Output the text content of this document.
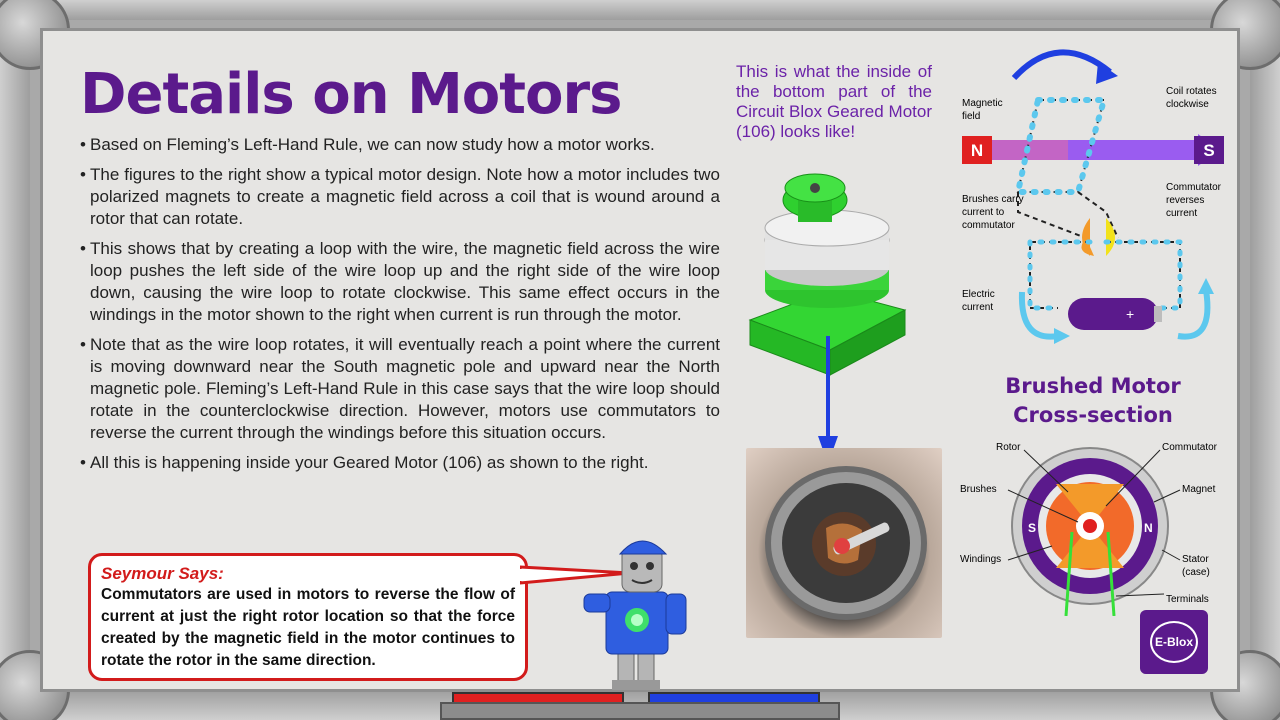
Details on Motors
• Based on Fleming’s Left-Hand Rule, we can now study how a motor works.
• The figures to the right show a typical motor design. Note how a motor includes two polarized magnets to create a magnetic field across a coil that is wound around a rotor that can rotate.
• This shows that by creating a loop with the wire, the magnetic field across the wire loop pushes the left side of the wire loop up and the right side of the wire loop down, causing the wire loop to rotate clockwise. This same effect occurs in the windings in the motor shown to the right when current is run through the motor.
• Note that as the wire loop rotates, it will eventually reach a point where the current is moving downward near the South magnetic pole and upward near the North magnetic pole. Fleming’s Left-Hand Rule in this case says that the wire loop should rotate in the counterclockwise direction. However, motors use commutators to reverse the current through the windings before this situation occurs.
• All this is happening inside your Geared Motor (106) as shown to the right.
Seymour Says:
Commutators are used in motors to reverse the flow of current at just the right rotor location so that the force created by the magnetic field in the motor continues to rotate the rotor in the same direction.
This is what the inside of the bottom part of the Circuit Blox Geared Motor (106) looks like!
N	S
+
Magnetic
field
Coil rotates
clockwise
Brushes carry
current to
commutator
Commutator
reverses
current
Electric
current
Brushed Motor
Cross-section
S	N
Rotor	Commutator
Brushes	Magnet
Windings	Stator
(case)
Terminals
E-Blox
